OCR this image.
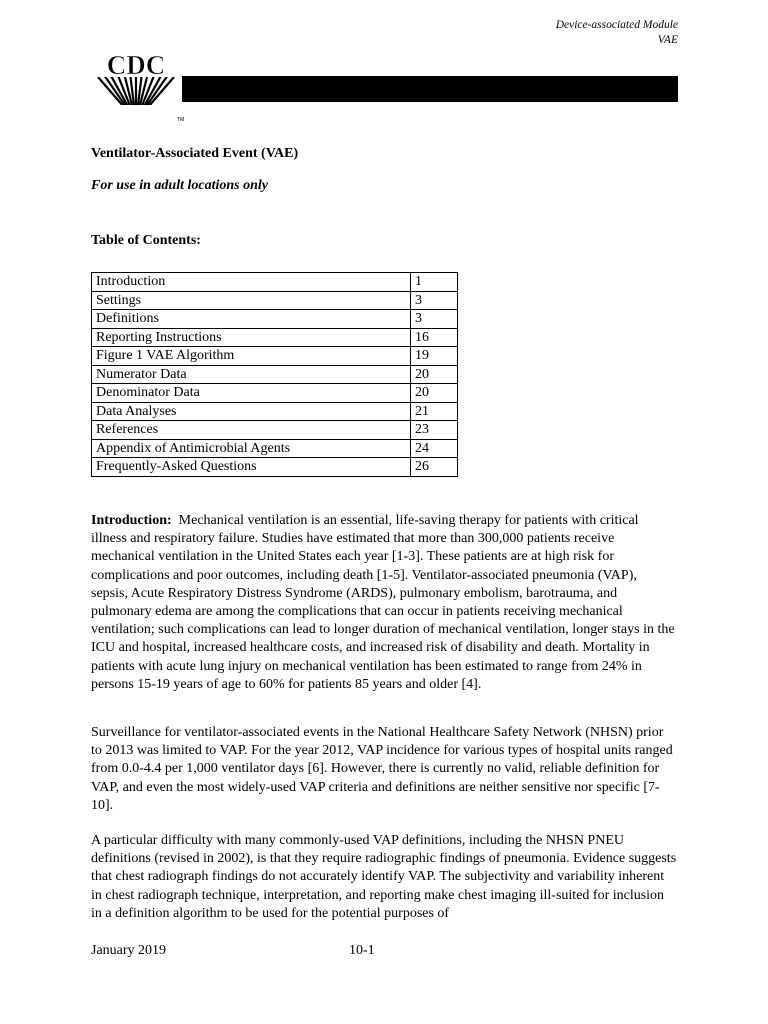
Device-associated Module
VAE
CDC
TM
Ventilator-Associated Event (VAE)
For use in adult locations only
Table of Contents:
Introduction	1
Settings	3
Definitions	3
Reporting Instructions	16
Figure 1 VAE Algorithm	19
Numerator Data	20
Denominator Data	20
Data Analyses	21
References	23
Appendix of Antimicrobial Agents	24
Frequently-Asked Questions	26

Introduction: Mechanical ventilation is an essential, life-saving therapy for patients with critical illness and respiratory failure. Studies have estimated that more than 300,000 patients receive mechanical ventilation in the United States each year [1-3]. These patients are at high risk for complications and poor outcomes, including death [1-5]. Ventilator-associated pneumonia (VAP), sepsis, Acute Respiratory Distress Syndrome (ARDS), pulmonary embolism, barotrauma, and pulmonary edema are among the complications that can occur in patients receiving mechanical ventilation; such complications can lead to longer duration of mechanical ventilation, longer stays in the ICU and hospital, increased healthcare costs, and increased risk of disability and death. Mortality in patients with acute lung injury on mechanical ventilation has been estimated to range from 24% in persons 15-19 years of age to 60% for patients 85 years and older [4].

Surveillance for ventilator-associated events in the National Healthcare Safety Network (NHSN) prior to 2013 was limited to VAP. For the year 2012, VAP incidence for various types of hospital units ranged from 0.0-4.4 per 1,000 ventilator days [6]. However, there is currently no valid, reliable definition for VAP, and even the most widely-used VAP criteria and definitions are neither sensitive nor specific [7-10].

A particular difficulty with many commonly-used VAP definitions, including the NHSN PNEU definitions (revised in 2002), is that they require radiographic findings of pneumonia. Evidence suggests that chest radiograph findings do not accurately identify VAP. The subjectivity and variability inherent in chest radiograph technique, interpretation, and reporting make chest imaging ill-suited for inclusion in a definition algorithm to be used for the potential purposes of

January 2019	10-1
